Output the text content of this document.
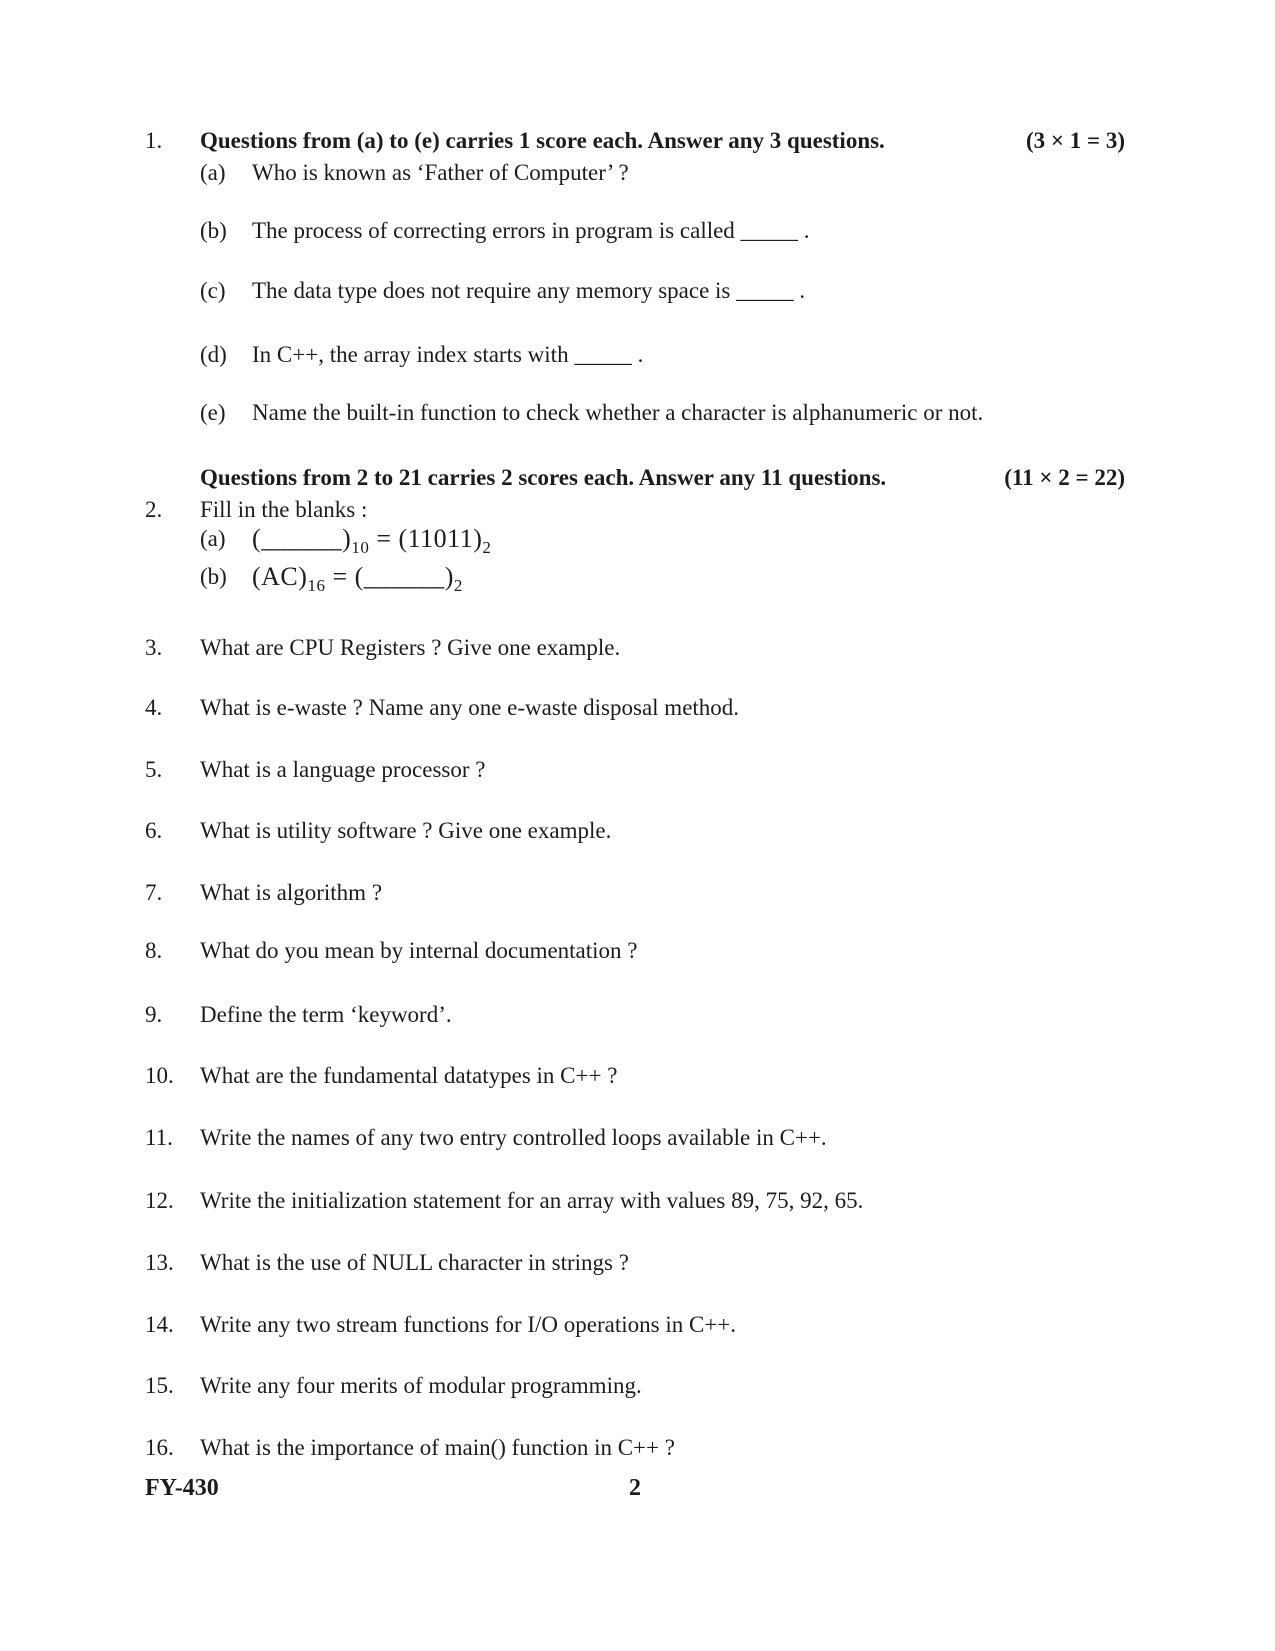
1. Questions from (a) to (e) carries 1 score each. Answer any 3 questions.	(3 × 1 = 3)
(a) Who is known as ‘Father of Computer’ ?
(b) The process of correcting errors in program is called _____ .
(c) The data type does not require any memory space is _____ .
(d) In C++, the array index starts with _____ .
(e) Name the built-in function to check whether a character is alphanumeric or not.
Questions from 2 to 21 carries 2 scores each. Answer any 11 questions.	(11 × 2 = 22)
2. Fill in the blanks :
(a) $(\_\_\_\_\_\_)_{10} = (11011)_2$
(b) $(AC)_{16}$ = $(\_\_\_\_\_\_)_2$
3. What are CPU Registers ? Give one example.
4. What is e-waste ? Name any one e-waste disposal method.
5. What is a language processor ?
6. What is utility software ? Give one example.
7. What is algorithm ?
8. What do you mean by internal documentation ?
9. Define the term ‘keyword’.
10. What are the fundamental datatypes in C++ ?
11. Write the names of any two entry controlled loops available in C++.
12. Write the initialization statement for an array with values 89, 75, 92, 65.
13. What is the use of NULL character in strings ?
14. Write any two stream functions for I/O operations in C++.
15. Write any four merits of modular programming.
16. What is the importance of main() function in C++ ?
FY-430	2
